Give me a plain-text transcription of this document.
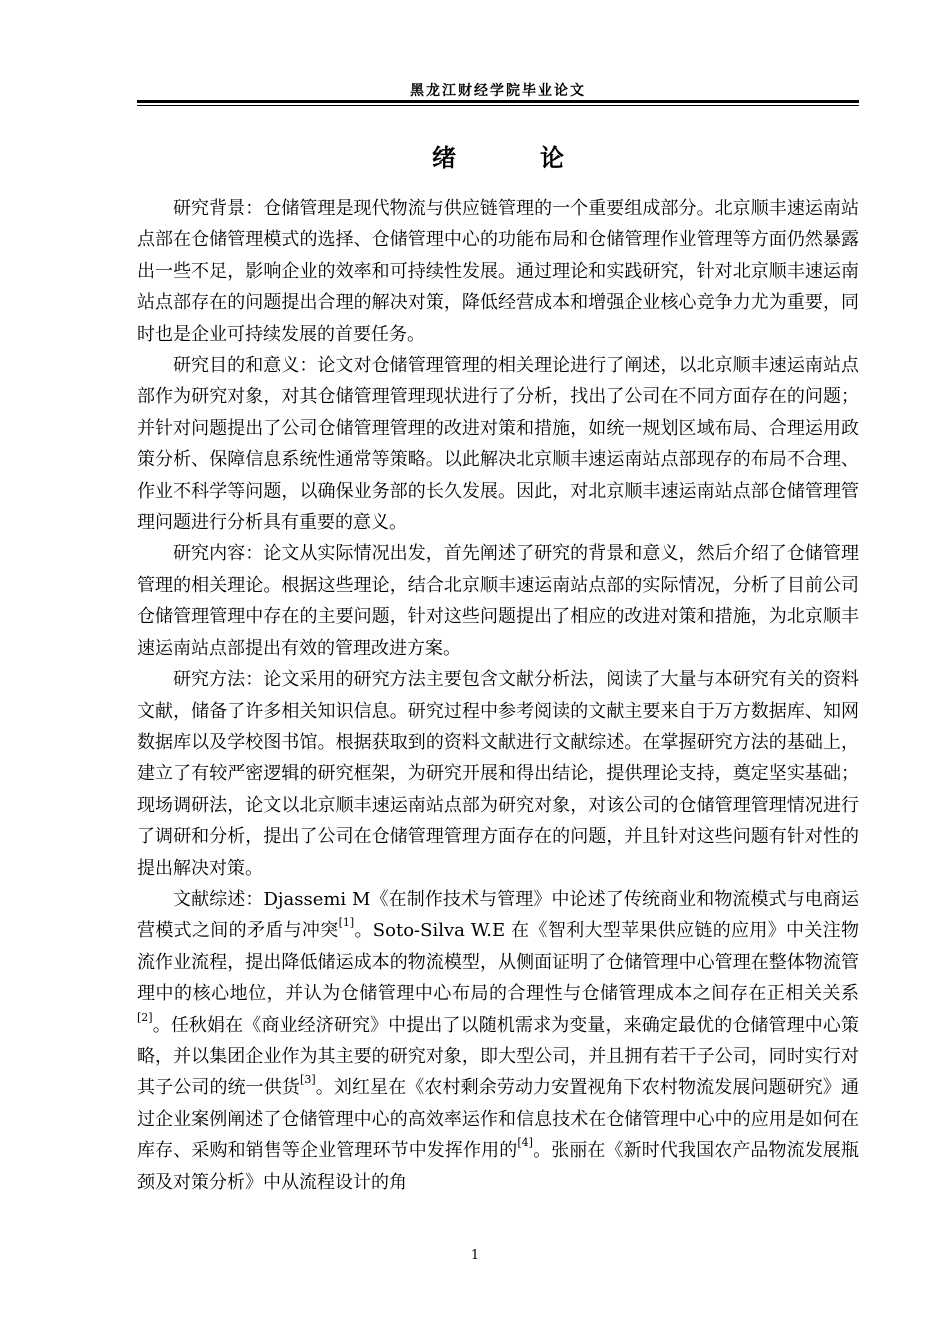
黑龙江财经学院毕业论文
绪　论

研究背景：仓储管理是现代物流与供应链管理的一个重要组成部分。北京顺丰速运南站点部在仓储管理模式的选择、仓储管理中心的功能布局和仓储管理作业管理等方面仍然暴露出一些不足，影响企业的效率和可持续性发展。通过理论和实践研究，针对北京顺丰速运南站点部存在的问题提出合理的解决对策，降低经营成本和增强企业核心竞争力尤为重要，同时也是企业可持续发展的首要任务。

研究目的和意义：论文对仓储管理管理的相关理论进行了阐述，以北京顺丰速运南站点部作为研究对象，对其仓储管理管理现状进行了分析，找出了公司在不同方面存在的问题；并针对问题提出了公司仓储管理管理的改进对策和措施，如统一规划区域布局、合理运用政策分析、保障信息系统性通常等策略。以此解决北京顺丰速运南站点部现存的布局不合理、作业不科学等问题，以确保业务部的长久发展。因此，对北京顺丰速运南站点部仓储管理管理问题进行分析具有重要的意义。

研究内容：论文从实际情况出发，首先阐述了研究的背景和意义，然后介绍了仓储管理管理的相关理论。根据这些理论，结合北京顺丰速运南站点部的实际情况，分析了目前公司仓储管理管理中存在的主要问题，针对这些问题提出了相应的改进对策和措施，为北京顺丰速运南站点部提出有效的管理改进方案。

研究方法：论文采用的研究方法主要包含文献分析法，阅读了大量与本研究有关的资料文献，储备了许多相关知识信息。研究过程中参考阅读的文献主要来自于万方数据库、知网数据库以及学校图书馆。根据获取到的资料文献进行文献综述。在掌握研究方法的基础上，建立了有较严密逻辑的研究框架，为研究开展和得出结论，提供理论支持，奠定坚实基础；现场调研法，论文以北京顺丰速运南站点部为研究对象，对该公司的仓储管理管理情况进行了调研和分析，提出了公司在仓储管理管理方面存在的问题，并且针对这些问题有针对性的提出解决对策。

文献综述：Djassemi M《在制作技术与管理》中论述了传统商业和物流模式与电商运营模式之间的矛盾与冲突[1]。Soto-Silva W.E 在《智利大型苹果供应链的应用》中关注物流作业流程，提出降低储运成本的物流模型，从侧面证明了仓储管理中心管理在整体物流管理中的核心地位，并认为仓储管理中心布局的合理性与仓储管理成本之间存在正相关关系[2]。任秋娟在《商业经济研究》中提出了以随机需求为变量，来确定最优的仓储管理中心策略，并以集团企业作为其主要的研究对象，即大型公司，并且拥有若干子公司，同时实行对其子公司的统一供货[3]。刘红星在《农村剩余劳动力安置视角下农村物流发展问题研究》通过企业案例阐述了仓储管理中心的高效率运作和信息技术在仓储管理中心中的应用是如何在库存、采购和销售等企业管理环节中发挥作用的[4]。张丽在《新时代我国农产品物流发展瓶颈及对策分析》中从流程设计的角

1
